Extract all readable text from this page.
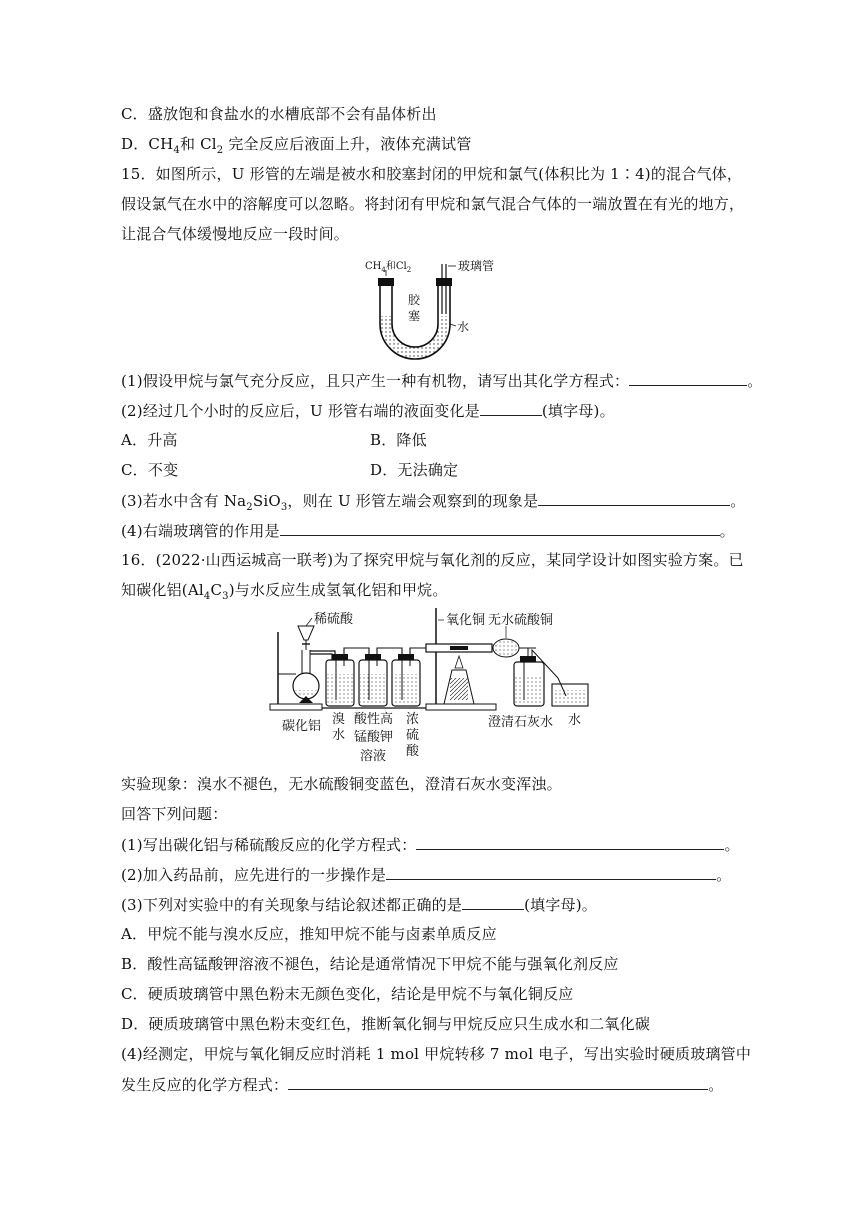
C．盛放饱和食盐水的水槽底部不会有晶体析出
D．$CH_4$和 $Cl_2$ 完全反应后液面上升，液体充满试管
15．如图所示，U 形管的左端是被水和胶塞封闭的甲烷和氯气(体积比为 1∶4)的混合气体，
假设氯气在水中的溶解度可以忽略。将封闭有甲烷和氯气混合气体的一端放置在有光的地方，
让混合气体缓慢地反应一段时间。
$CH_4$和$Cl_2$	玻璃管
胶
塞
水
(1)假设甲烷与氯气充分反应，且只产生一种有机物，请写出其化学方程式：	。
(2)经过几个小时的反应后，U 形管右端的液面变化是	(填字母)。
A．升高	B．降低
C．不变	D．无法确定
(3)若水中含有 $Na_2SiO_3$，则在 U 形管左端会观察到的现象是	。
(4)右端玻璃管的作用是	。
16．(2022·山西运城高一联考)为了探究甲烷与氧化剂的反应，某同学设计如图实验方案。已
知碳化铝$(Al_4C_3)$与水反应生成氢氧化铝和甲烷。
稀硫酸	氧化铜 无水硫酸铜
碳化铝 溴
水
酸性高
锰酸钾
溶液
浓
硫
酸
澄清石灰水 水
实验现象：溴水不褪色，无水硫酸铜变蓝色，澄清石灰水变浑浊。
回答下列问题：
(1)写出碳化铝与稀硫酸反应的化学方程式：	。
(2)加入药品前，应先进行的一步操作是	。
(3)下列对实验中的有关现象与结论叙述都正确的是	(填字母)。
A．甲烷不能与溴水反应，推知甲烷不能与卤素单质反应
B．酸性高锰酸钾溶液不褪色，结论是通常情况下甲烷不能与强氧化剂反应
C．硬质玻璃管中黑色粉末无颜色变化，结论是甲烷不与氧化铜反应
D．硬质玻璃管中黑色粉末变红色，推断氧化铜与甲烷反应只生成水和二氧化碳
(4)经测定，甲烷与氧化铜反应时消耗 1 mol 甲烷转移 7 mol 电子，写出实验时硬质玻璃管中
发生反应的化学方程式：	。
